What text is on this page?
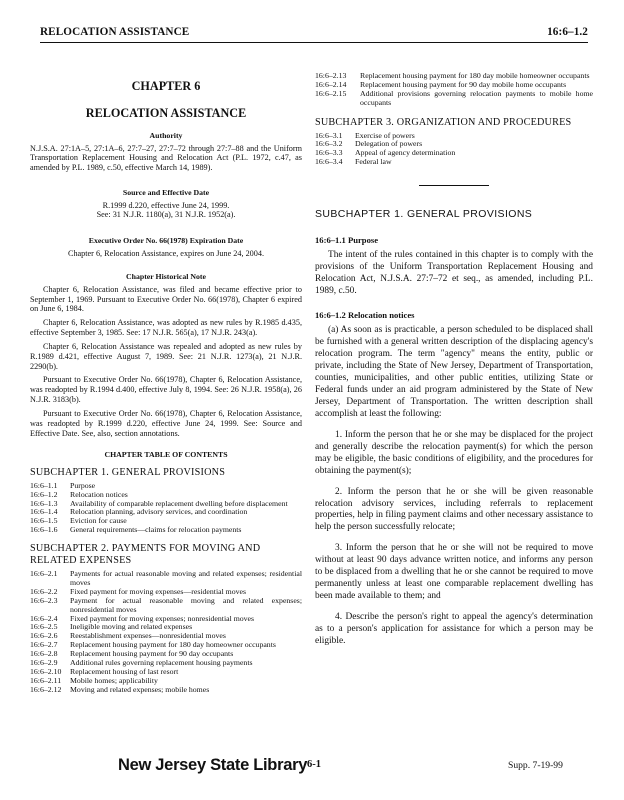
RELOCATION ASSISTANCE	16:6–1.2

CHAPTER 6

RELOCATION ASSISTANCE

Authority

N.J.S.A. 27:1A–5, 27:1A–6, 27:7–27, 27:7–72 through 27:7–88 and the Uniform Transportation Replacement Housing and Relocation Act (P.L. 1972, c.47, as amended by P.L. 1989, c.50, effective March 14, 1989).

Source and Effective Date

R.1999 d.220, effective June 24, 1999.

See: 31 N.J.R. 1180(a), 31 N.J.R. 1952(a).

Executive Order No. 66(1978) Expiration Date

Chapter 6, Relocation Assistance, expires on June 24, 2004.

Chapter Historical Note

Chapter 6, Relocation Assistance, was filed and became effective prior to September 1, 1969. Pursuant to Executive Order No. 66(1978), Chapter 6 expired on June 6, 1984.

Chapter 6, Relocation Assistance, was adopted as new rules by R.1985 d.435, effective September 3, 1985. See: 17 N.J.R. 565(a), 17 N.J.R. 243(a).

Chapter 6, Relocation Assistance was repealed and adopted as new rules by R.1989 d.421, effective August 7, 1989. See: 21 N.J.R. 1273(a), 21 N.J.R. 2290(b).

Pursuant to Executive Order No. 66(1978), Chapter 6, Relocation Assistance, was readopted by R.1994 d.400, effective July 8, 1994. See: 26 N.J.R. 1958(a), 26 N.J.R. 3183(b).

Pursuant to Executive Order No. 66(1978), Chapter 6, Relocation Assistance, was readopted by R.1999 d.220, effective June 24, 1999. See: Source and Effective Date. See, also, section annotations.

CHAPTER TABLE OF CONTENTS

SUBCHAPTER 1. GENERAL PROVISIONS

16:6–1.1	Purpose
16:6–1.2	Relocation notices
16:6–1.3	Availability of comparable replacement dwelling before displacement
16:6–1.4	Relocation planning, advisory services, and coordination
16:6–1.5	Eviction for cause
16:6–1.6	General requirements—claims for relocation payments

SUBCHAPTER 2. PAYMENTS FOR MOVING AND RELATED EXPENSES

16:6–2.1	Payments for actual reasonable moving and related expenses; residential moves
16:6–2.2	Fixed payment for moving expenses—residential moves
16:6–2.3	Payment for actual reasonable moving and related expenses; nonresidential moves
16:6–2.4	Fixed payment for moving expenses; nonresidential moves
16:6–2.5	Ineligible moving and related expenses
16:6–2.6	Reestablishment expenses—nonresidential moves
16:6–2.7	Replacement housing payment for 180 day homeowner occupants
16:6–2.8	Replacement housing payment for 90 day occupants
16:6–2.9	Additional rules governing replacement housing payments
16:6–2.10	Replacement housing of last resort
16:6–2.11	Mobile homes; applicability
16:6–2.12	Moving and related expenses; mobile homes
16:6–2.13	Replacement housing payment for 180 day mobile homeowner occupants
16:6–2.14	Replacement housing payment for 90 day mobile home occupants
16:6–2.15	Additional provisions governing relocation payments to mobile home occupants

SUBCHAPTER 3. ORGANIZATION AND PROCEDURES

16:6–3.1	Exercise of powers
16:6–3.2	Delegation of powers
16:6–3.3	Appeal of agency determination
16:6–3.4	Federal law

SUBCHAPTER 1. GENERAL PROVISIONS

16:6–1.1 Purpose

The intent of the rules contained in this chapter is to comply with the provisions of the Uniform Transportation Replacement Housing and Relocation Act, N.J.S.A. 27:7–72 et seq., as amended, including P.L. 1989, c.50.

16:6–1.2 Relocation notices

(a) As soon as is practicable, a person scheduled to be displaced shall be furnished with a general written description of the displacing agency's relocation program. The term "agency" means the entity, public or private, including the State of New Jersey, Department of Transportation, counties, municipalities, and other public entities, utilizing State or Federal funds under an aid program administered by the State of New Jersey, Department of Transportation. The written description shall accomplish at least the following:

1. Inform the person that he or she may be displaced for the project and generally describe the relocation payment(s) for which the person may be eligible, the basic conditions of eligibility, and the procedures for obtaining the payment(s);

2. Inform the person that he or she will be given reasonable relocation advisory services, including referrals to replacement properties, help in filing payment claims and other necessary assistance to help the person successfully relocate;

3. Inform the person that he or she will not be required to move without at least 90 days advance written notice, and informs any person to be displaced from a dwelling that he or she cannot be required to move permanently unless at least one comparable replacement dwelling has been made available to them; and

4. Describe the person's right to appeal the agency's determination as to a person's application for assistance for which a person may be eligible.

New Jersey State Library 6-1	Supp. 7-19-99
